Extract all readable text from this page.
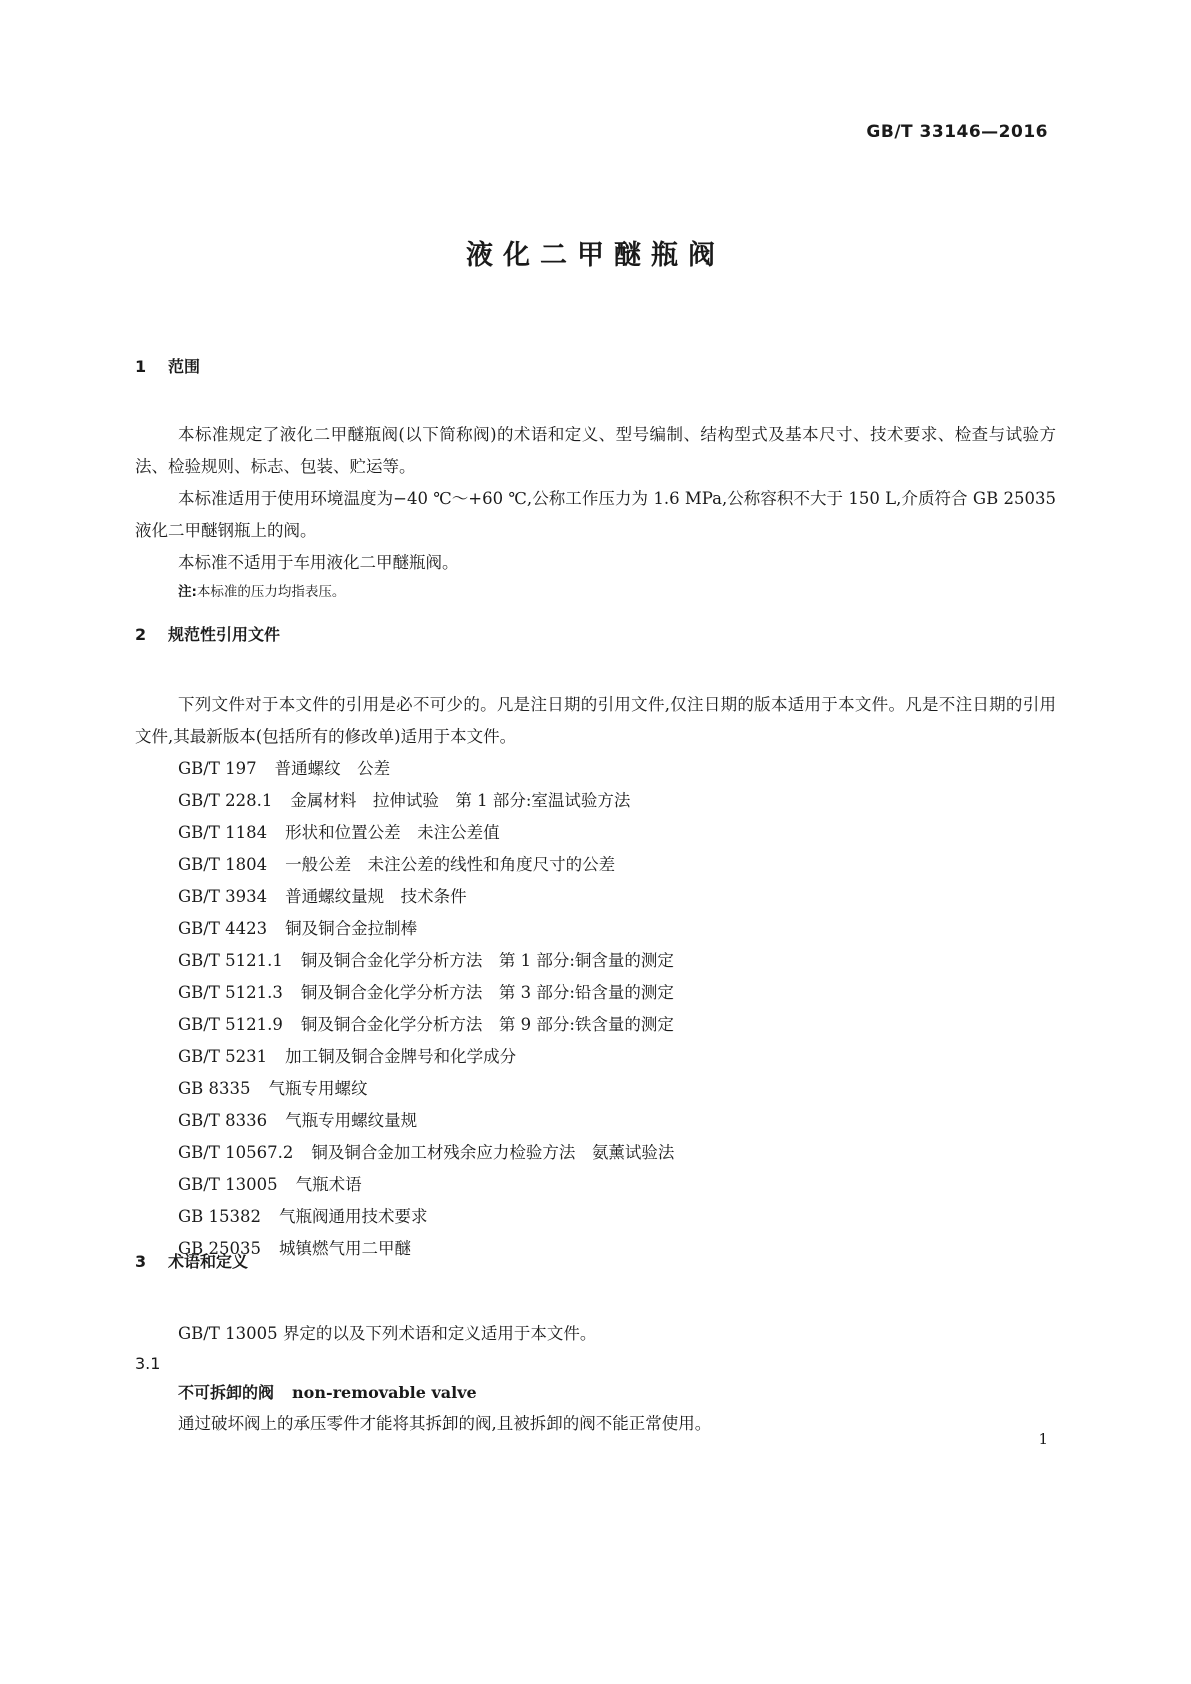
GB/T 33146—2016
液化二甲醚瓶阀
1 范围

本标准规定了液化二甲醚瓶阀(以下简称阀)的术语和定义、型号编制、结构型式及基本尺寸、技术要求、检查与试验方法、检验规则、标志、包装、贮运等。

本标准适用于使用环境温度为−40 ℃～+60 ℃,公称工作压力为 1.6 MPa,公称容积不大于 150 L,介质符合 GB 25035 液化二甲醚钢瓶上的阀。

本标准不适用于车用液化二甲醚瓶阀。

注:本标准的压力均指表压。

2 规范性引用文件

下列文件对于本文件的引用是必不可少的。凡是注日期的引用文件,仅注日期的版本适用于本文件。凡是不注日期的引用文件,其最新版本(包括所有的修改单)适用于本文件。

GB/T 197 普通螺纹　公差

GB/T 228.1 金属材料　拉伸试验　第 1 部分:室温试验方法

GB/T 1184 形状和位置公差　未注公差值

GB/T 1804 一般公差　未注公差的线性和角度尺寸的公差

GB/T 3934 普通螺纹量规　技术条件

GB/T 4423 铜及铜合金拉制棒

GB/T 5121.1 铜及铜合金化学分析方法　第 1 部分:铜含量的测定

GB/T 5121.3 铜及铜合金化学分析方法　第 3 部分:铅含量的测定

GB/T 5121.9 铜及铜合金化学分析方法　第 9 部分:铁含量的测定

GB/T 5231 加工铜及铜合金牌号和化学成分

GB 8335 气瓶专用螺纹

GB/T 8336 气瓶专用螺纹量规

GB/T 10567.2 铜及铜合金加工材残余应力检验方法　氨薰试验法

GB/T 13005 气瓶术语

GB 15382 气瓶阀通用技术要求

GB 25035 城镇燃气用二甲醚

3 术语和定义

GB/T 13005 界定的以及下列术语和定义适用于本文件。

3.1
不可拆卸的阀 non-removable valve

通过破坏阀上的承压零件才能将其拆卸的阀,且被拆卸的阀不能正常使用。

1
